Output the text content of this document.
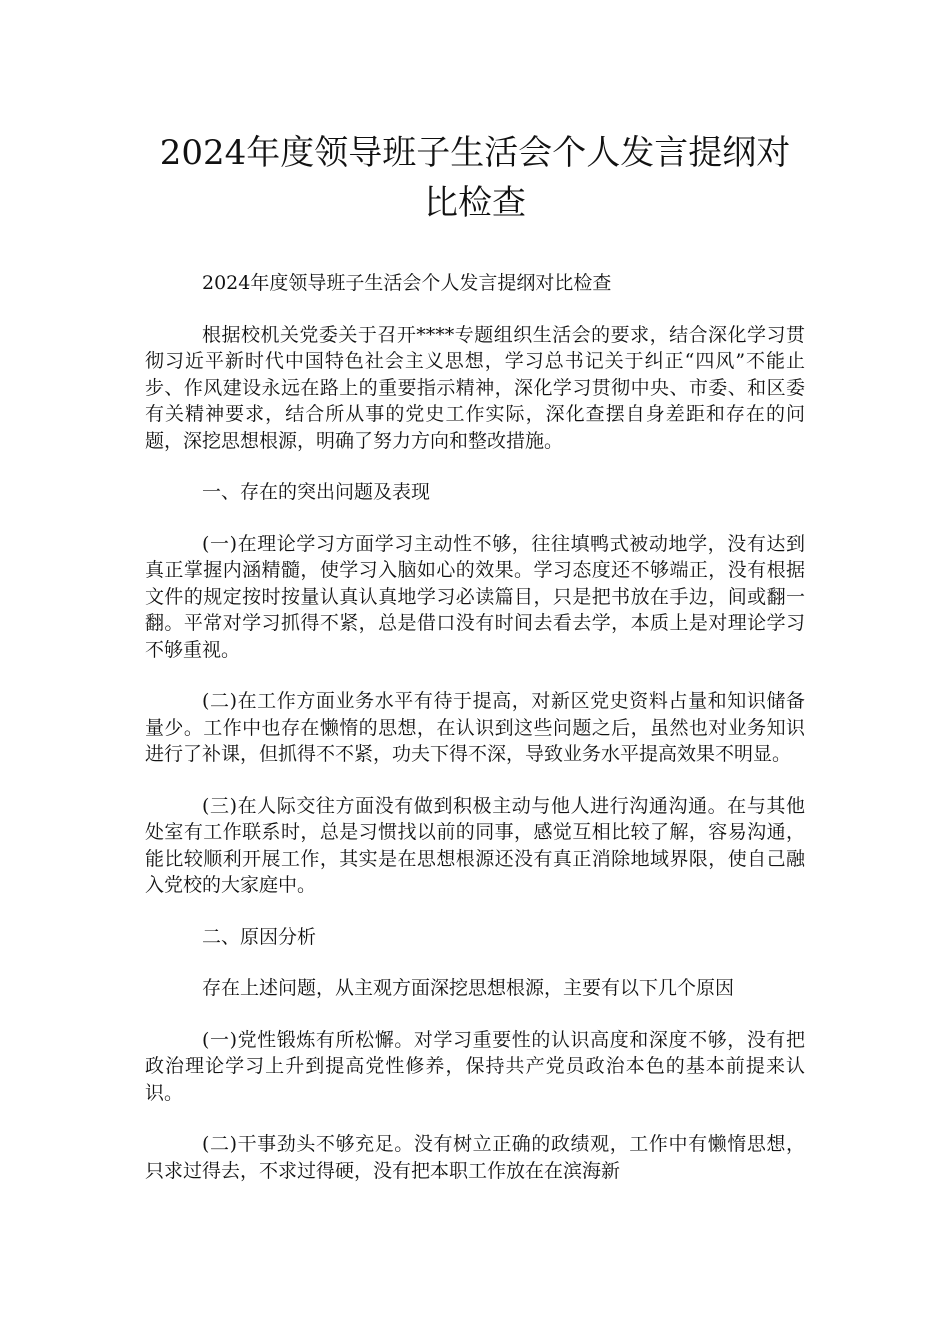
2024年度领导班子生活会个人发言提纲对
比检查

2024年度领导班子生活会个人发言提纲对比检查

根据校机关党委关于召开****专题组织生活会的要求，结合深化学习贯彻习近平新时代中国特色社会主义思想，学习总书记关于纠正“四风”不能止步、作风建设永远在路上的重要指示精神，深化学习贯彻中央、市委、和区委有关精神要求，结合所从事的党史工作实际，深化查摆自身差距和存在的问题，深挖思想根源，明确了努力方向和整改措施。

一、存在的突出问题及表现

(一)在理论学习方面学习主动性不够，往往填鸭式被动地学，没有达到真正掌握内涵精髓，使学习入脑如心的效果。学习态度还不够端正，没有根据文件的规定按时按量认真认真地学习必读篇目，只是把书放在手边，间或翻一翻。平常对学习抓得不紧，总是借口没有时间去看去学，本质上是对理论学习不够重视。

(二)在工作方面业务水平有待于提高，对新区党史资料占量和知识储备量少。工作中也存在懒惰的思想，在认识到这些问题之后，虽然也对业务知识进行了补课，但抓得不不紧，功夫下得不深，导致业务水平提高效果不明显。

(三)在人际交往方面没有做到积极主动与他人进行沟通沟通。在与其他处室有工作联系时，总是习惯找以前的同事，感觉互相比较了解，容易沟通，能比较顺利开展工作，其实是在思想根源还没有真正消除地域界限，使自己融入党校的大家庭中。

二、原因分析

存在上述问题，从主观方面深挖思想根源，主要有以下几个原因

(一)党性锻炼有所松懈。对学习重要性的认识高度和深度不够，没有把政治理论学习上升到提高党性修养，保持共产党员政治本色的基本前提来认识。

(二)干事劲头不够充足。没有树立正确的政绩观，工作中有懒惰思想，只求过得去，不求过得硬，没有把本职工作放在在滨海新
